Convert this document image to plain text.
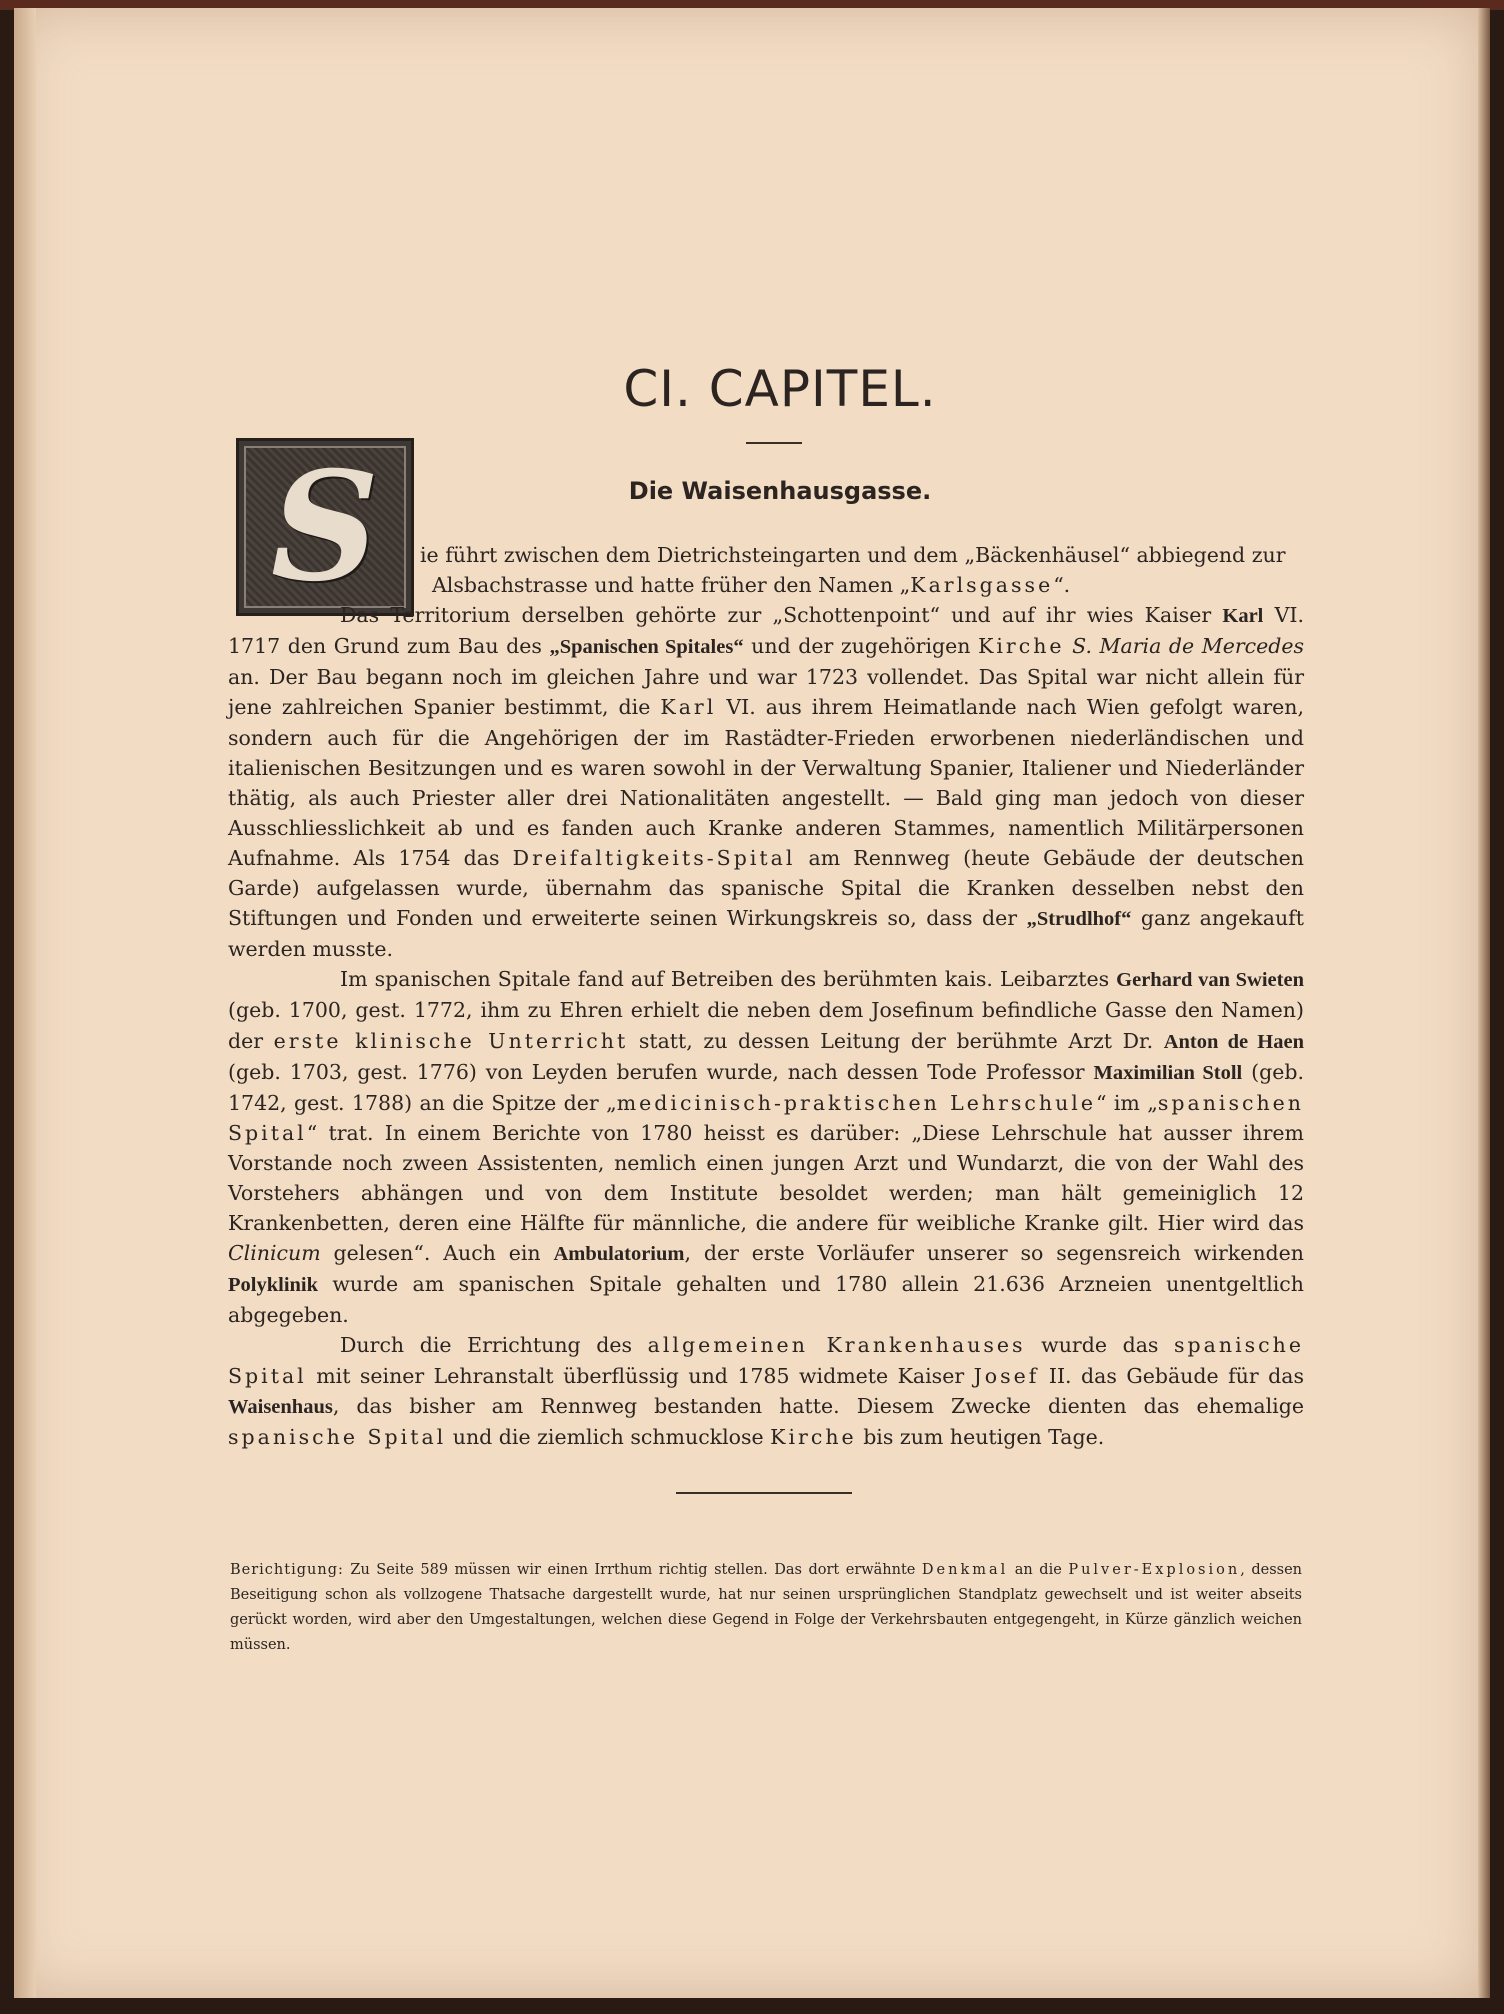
CI. CAPITEL.
Die Waisenhausgasse.
S	ie führt zwischen dem Dietrichsteingarten und dem „Bäckenhäusel“ abbiegend zur
Alsbachstrasse und hatte früher den Namen „Karlsgasse“.

Das Territorium derselben gehörte zur „Schottenpoint“ und auf ihr wies Kaiser Karl VI. 1717 den Grund zum Bau des „Spanischen Spitales“ und der zugehörigen Kirche S. Maria de Mercedes an. Der Bau begann noch im gleichen Jahre und war 1723 vollendet. Das Spital war nicht allein für jene zahlreichen Spanier bestimmt, die Karl VI. aus ihrem Heimatlande nach Wien gefolgt waren, sondern auch für die Angehörigen der im Rastädter-Frieden erworbenen niederländischen und italienischen Besitzungen und es waren sowohl in der Verwaltung Spanier, Italiener und Niederländer thätig, als auch Priester aller drei Nationalitäten angestellt. — Bald ging man jedoch von dieser Ausschliesslichkeit ab und es fanden auch Kranke anderen Stammes, namentlich Militärpersonen Aufnahme. Als 1754 das Dreifaltigkeits-Spital am Rennweg (heute Gebäude der deutschen Garde) aufgelassen wurde, übernahm das spanische Spital die Kranken desselben nebst den Stiftungen und Fonden und erweiterte seinen Wirkungskreis so, dass der „Strudlhof“ ganz angekauft werden musste.

Im spanischen Spitale fand auf Betreiben des berühmten kais. Leibarztes Gerhard van Swieten (geb. 1700, gest. 1772, ihm zu Ehren erhielt die neben dem Josefinum befindliche Gasse den Namen) der erste klinische Unterricht statt, zu dessen Leitung der berühmte Arzt Dr. Anton de Haen (geb. 1703, gest. 1776) von Leyden berufen wurde, nach dessen Tode Professor Maximilian Stoll (geb. 1742, gest. 1788) an die Spitze der „medicinisch-praktischen Lehrschule“ im „spanischen Spital“ trat. In einem Berichte von 1780 heisst es darüber: „Diese Lehrschule hat ausser ihrem Vorstande noch zween Assistenten, nemlich einen jungen Arzt und Wundarzt, die von der Wahl des Vorstehers abhängen und von dem Institute besoldet werden; man hält gemeiniglich 12 Krankenbetten, deren eine Hälfte für männliche, die andere für weibliche Kranke gilt. Hier wird das Clinicum gelesen“. Auch ein Ambulatorium, der erste Vorläufer unserer so segensreich wirkenden Polyklinik wurde am spanischen Spitale gehalten und 1780 allein 21.636 Arzneien unentgeltlich abgegeben.

Durch die Errichtung des allgemeinen Krankenhauses wurde das spanische Spital mit seiner Lehranstalt überflüssig und 1785 widmete Kaiser Josef II. das Gebäude für das Waisenhaus, das bisher am Rennweg bestanden hatte. Diesem Zwecke dienten das ehemalige spanische Spital und die ziemlich schmucklose Kirche bis zum heutigen Tage.

Berichtigung: Zu Seite 589 müssen wir einen Irrthum richtig stellen. Das dort erwähnte Denkmal an die Pulver-Explosion, dessen Beseitigung schon als vollzogene Thatsache dargestellt wurde, hat nur seinen ursprünglichen Standplatz gewechselt und ist weiter abseits gerückt worden, wird aber den Umgestaltungen, welchen diese Gegend in Folge der Verkehrsbauten entgegengeht, in Kürze gänzlich weichen müssen.
